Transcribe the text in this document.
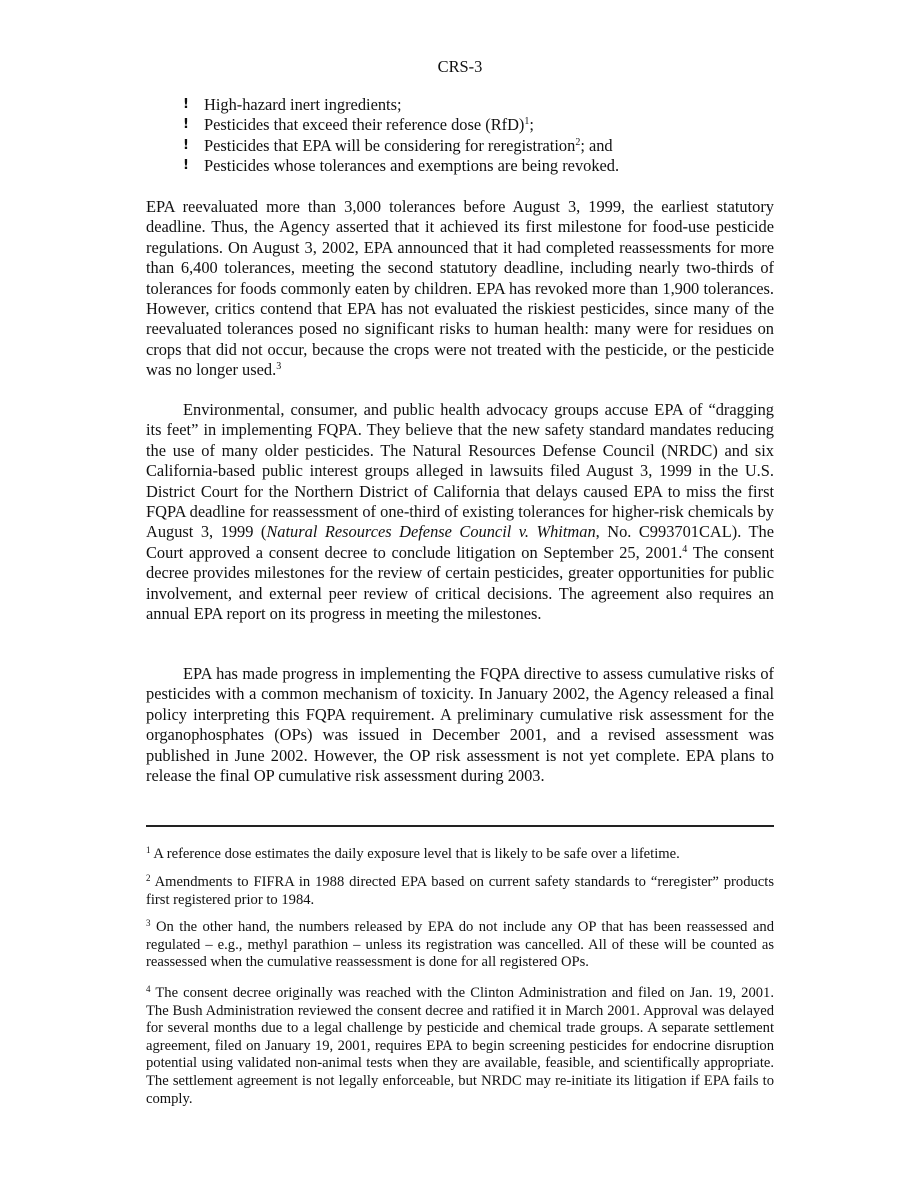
CRS-3
! High-hazard inert ingredients;
! Pesticides that exceed their reference dose (RfD)$^1$;
! Pesticides that EPA will be considering for reregistration$^2$; and
! Pesticides whose tolerances and exemptions are being revoked.

EPA reevaluated more than 3,000 tolerances before August 3, 1999, the earliest statutory deadline. Thus, the Agency asserted that it achieved its first milestone for food-use pesticide regulations. On August 3, 2002, EPA announced that it had completed reassessments for more than 6,400 tolerances, meeting the second statutory deadline, including nearly two-thirds of tolerances for foods commonly eaten by children. EPA has revoked more than 1,900 tolerances. However, critics contend that EPA has not evaluated the riskiest pesticides, since many of the reevaluated tolerances posed no significant risks to human health: many were for residues on crops that did not occur, because the crops were not treated with the pesticide, or the pesticide was no longer used.$^3$

Environmental, consumer, and public health advocacy groups accuse EPA of “dragging its feet” in implementing FQPA. They believe that the new safety standard mandates reducing the use of many older pesticides. The Natural Resources Defense Council (NRDC) and six California-based public interest groups alleged in lawsuits filed August 3, 1999 in the U.S. District Court for the Northern District of California that delays caused EPA to miss the first FQPA deadline for reassessment of one-third of existing tolerances for higher-risk chemicals by August 3, 1999 (Natural Resources Defense Council v. Whitman, No. C993701CAL). The Court approved a consent decree to conclude litigation on September 25, 2001.$^4$ The consent decree provides milestones for the review of certain pesticides, greater opportunities for public involvement, and external peer review of critical decisions. The agreement also requires an annual EPA report on its progress in meeting the milestones.

EPA has made progress in implementing the FQPA directive to assess cumulative risks of pesticides with a common mechanism of toxicity. In January 2002, the Agency released a final policy interpreting this FQPA requirement. A preliminary cumulative risk assessment for the organophosphates (OPs) was issued in December 2001, and a revised assessment was published in June 2002. However, the OP risk assessment is not yet complete. EPA plans to release the final OP cumulative risk assessment during 2003.

$^1$ A reference dose estimates the daily exposure level that is likely to be safe over a lifetime.

$^2$ Amendments to FIFRA in 1988 directed EPA based on current safety standards to “reregister” products first registered prior to 1984.

$^3$ On the other hand, the numbers released by EPA do not include any OP that has been reassessed and regulated – e.g., methyl parathion – unless its registration was cancelled. All of these will be counted as reassessed when the cumulative reassessment is done for all registered OPs.

$^4$ The consent decree originally was reached with the Clinton Administration and filed on Jan. 19, 2001. The Bush Administration reviewed the consent decree and ratified it in March 2001. Approval was delayed for several months due to a legal challenge by pesticide and chemical trade groups. A separate settlement agreement, filed on January 19, 2001, requires EPA to begin screening pesticides for endocrine disruption potential using validated non-animal tests when they are available, feasible, and scientifically appropriate. The settlement agreement is not legally enforceable, but NRDC may re-initiate its litigation if EPA fails to comply.
